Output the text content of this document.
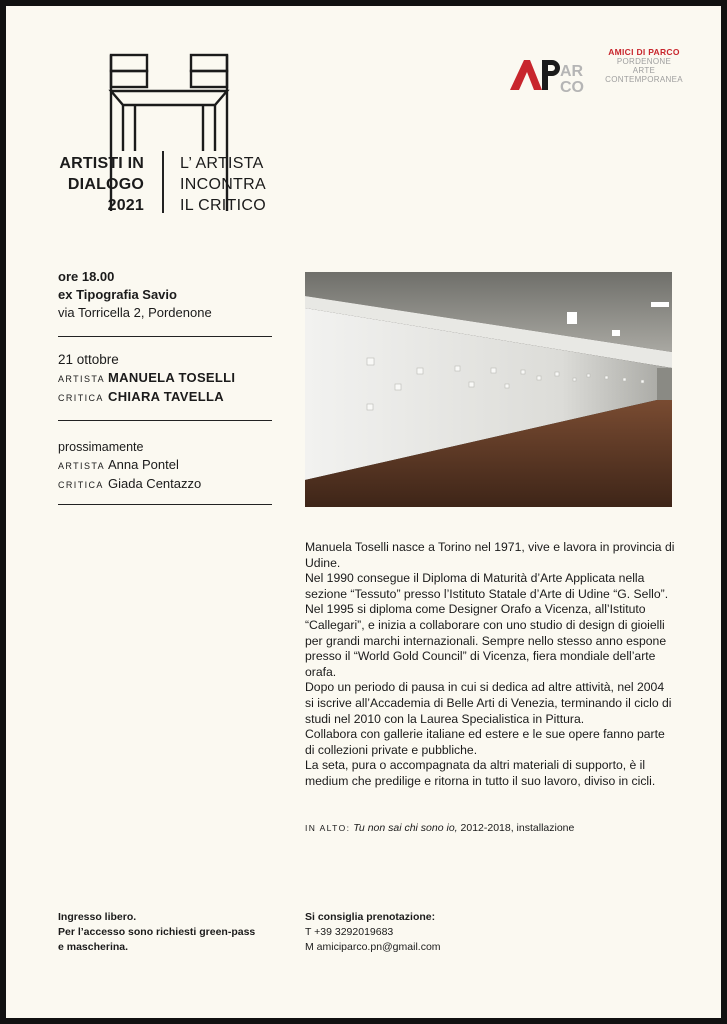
ARTISTI IN
DIALOGO
2021
L’ ARTISTA
INCONTRA
IL CRITICO
AR
CO
AMICI DI PARCO
PORDENONE
ARTE
CONTEMPORANEA
ore 18.00
ex Tipografia Savio
via Torricella 2, Pordenone
21 ottobre
ARTISTA MANUELA TOSELLI
CRITICA CHIARA TAVELLA
prossimamente
ARTISTA Anna Pontel
CRITICA Giada Centazzo

Manuela Toselli nasce a Torino nel 1971, vive e lavora in provincia di Udine.

Nel 1990 consegue il Diploma di Maturità d’Arte Applicata nella sezione “Tessuto” presso l’Istituto Statale d’Arte di Udine “G. Sello”.

Nel 1995 si diploma come Designer Orafo a Vicenza, all’Istituto “Callegari”, e inizia a collaborare con uno studio di design di gioielli per grandi marchi internazionali. Sempre nello stesso anno espone presso il “World Gold Council” di Vicenza, fiera mondiale dell’arte orafa.

Dopo un periodo di pausa in cui si dedica ad altre attività, nel 2004 si iscrive all’Accademia di Belle Arti di Venezia, terminando il ciclo di studi nel 2010 con la Laurea Specialistica in Pittura.

Collabora con gallerie italiane ed estere e le sue opere fanno parte di collezioni private e pubbliche.

La seta, pura o accompagnata da altri materiali di supporto, è il medium che predilige e ritorna in tutto il suo lavoro, diviso in cicli.

IN ALTO: Tu non sai chi sono io, 2012-2018, installazione
Ingresso libero.
Per l’accesso sono richiesti green-pass
e mascherina.
Si consiglia prenotazione:
T +39 3292019683
M amiciparco.pn@gmail.com
